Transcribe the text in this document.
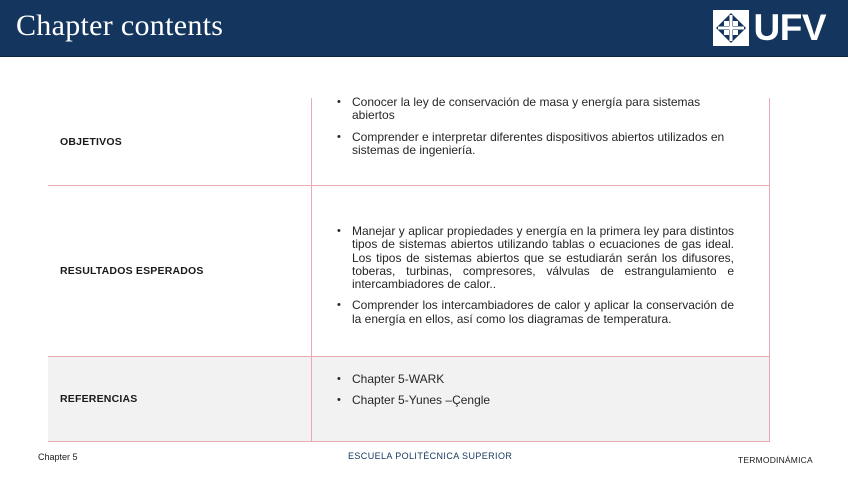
Chapter contents	UFV
OBJETIVOS
• Conocer la ley de conservación de masa y energía para sistemas abiertos
• Comprender e interpretar diferentes dispositivos abiertos utilizados en sistemas de ingeniería.
RESULTADOS ESPERADOS
• Manejar y aplicar propiedades y energía en la primera ley para distintos tipos de sistemas abiertos utilizando tablas o ecuaciones de gas ideal. Los tipos de sistemas abiertos que se estudiarán serán los difusores, toberas, turbinas, compresores, válvulas de estrangulamiento e intercambiadores de calor..
• Comprender los intercambiadores de calor y aplicar la conservación de la energía en ellos, así como los diagramas de temperatura.
REFERENCIAS
• Chapter 5-WARK
• Chapter 5-Yunes –Çengle
Chapter 5	ESCUELA POLITÉCNICA SUPERIOR	TERMODINÁMICA
